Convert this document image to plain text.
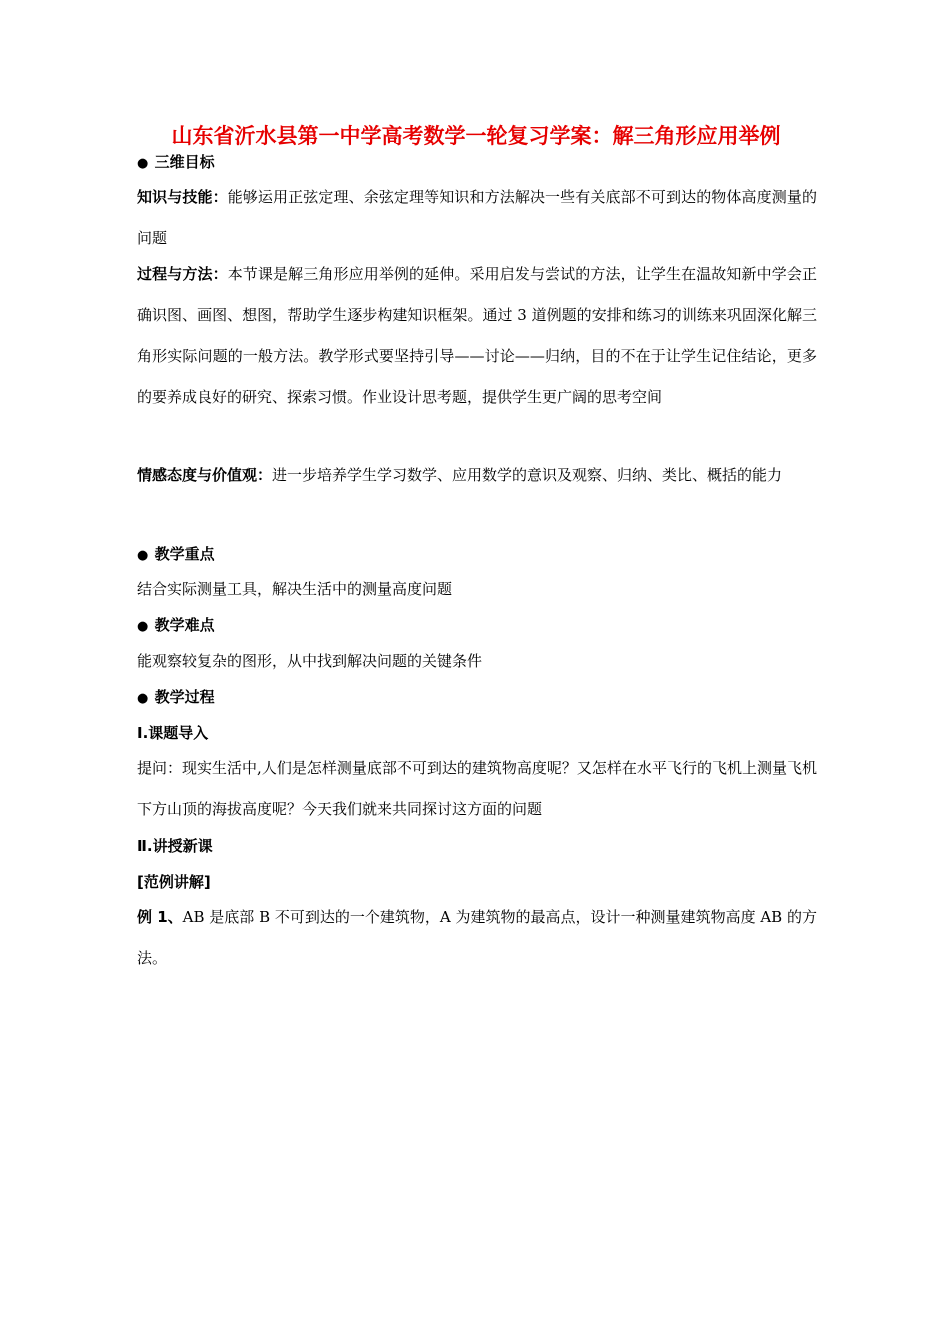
山东省沂水县第一中学高考数学一轮复习学案：解三角形应用举例
● 三维目标
知识与技能：能够运用正弦定理、余弦定理等知识和方法解决一些有关底部不可到达的物体高度测量的问题
过程与方法：本节课是解三角形应用举例的延伸。采用启发与尝试的方法，让学生在温故知新中学会正确识图、画图、想图，帮助学生逐步构建知识框架。通过 3 道例题的安排和练习的训练来巩固深化解三角形实际问题的一般方法。教学形式要坚持引导——讨论——归纳，目的不在于让学生记住结论，更多的要养成良好的研究、探索习惯。作业设计思考题，提供学生更广阔的思考空间
情感态度与价值观：进一步培养学生学习数学、应用数学的意识及观察、归纳、类比、概括的能力
● 教学重点
结合实际测量工具，解决生活中的测量高度问题
● 教学难点
能观察较复杂的图形，从中找到解决问题的关键条件
● 教学过程
Ⅰ.课题导入
提问：现实生活中,人们是怎样测量底部不可到达的建筑物高度呢？又怎样在水平飞行的飞机上测量飞机下方山顶的海拔高度呢？今天我们就来共同探讨这方面的问题
Ⅱ.讲授新课
[范例讲解]
例 1、AB 是底部 B 不可到达的一个建筑物，A 为建筑物的最高点，设计一种测量建筑物高度 AB 的方法。
